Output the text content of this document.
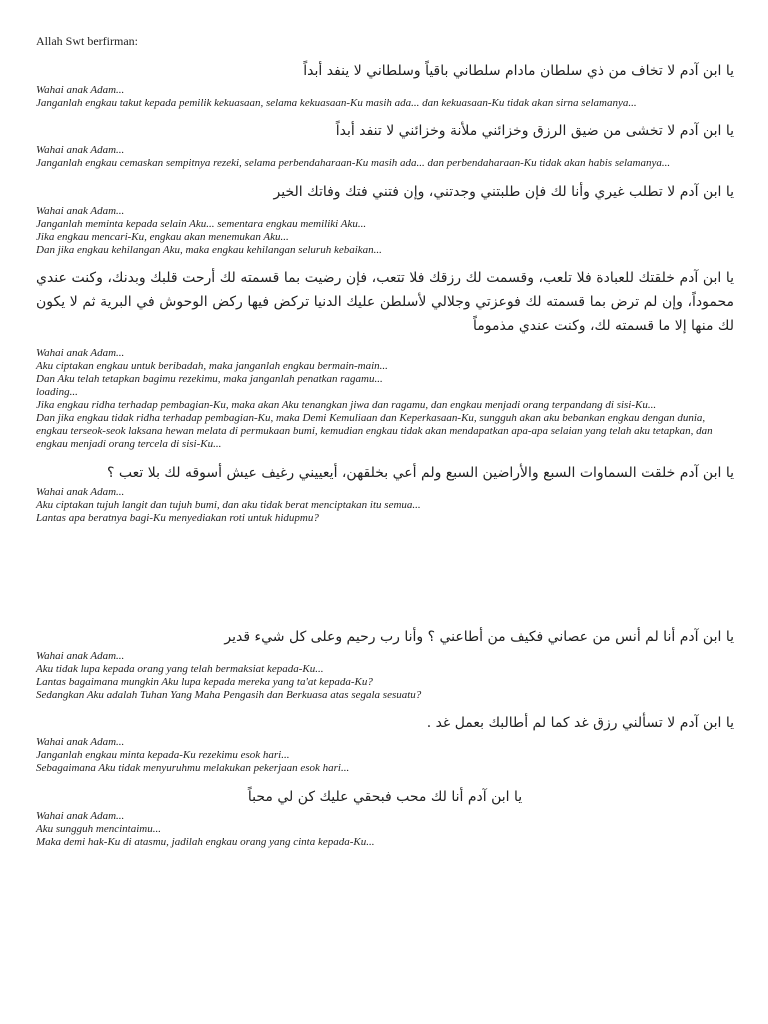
Allah Swt berfirman:

يا ابن آدم لا تخاف من ذي سلطان مادام سلطاني باقياً وسلطاني لا ينفد أبداً

Wahai anak Adam...

Janganlah engkau takut kepada pemilik kekuasaan, selama kekuasaan-Ku masih ada... dan kekuasaan-Ku tidak akan sirna selamanya...

يا ابن آدم لا تخشى من ضيق الرزق وخزائني ملأنة وخزائني لا تنفد أبداً

Wahai anak Adam...

Janganlah engkau cemaskan sempitnya rezeki, selama perbendaharaan-Ku masih ada... dan perbendaharaan-Ku tidak akan habis selamanya...

يا ابن آدم لا تطلب غيري وأنا لك فإن طلبتني وجدتني، وإن فتني فتك وفاتك الخير

Wahai anak Adam...

Janganlah meminta kepada selain Aku... sementara engkau memiliki Aku...

Jika engkau mencari-Ku, engkau akan menemukan Aku...

Dan jika engkau kehilangan Aku, maka engkau kehilangan seluruh kebaikan...

يا ابن آدم خلقتك للعبادة فلا تلعب، وقسمت لك رزقك فلا تتعب، فإن رضيت بما قسمته لك أرحت قلبك وبدنك، وكنت عندي محموداً، وإن لم ترض بما قسمته لك فوعزتي وجلالي لأسلطن عليك الدنيا تركض فيها ركض الوحوش في البرية ثم لا يكون لك منها إلا ما قسمته لك، وكنت عندي مذموماً

Wahai anak Adam...

Aku ciptakan engkau untuk beribadah, maka janganlah engkau bermain-main...

Dan Aku telah tetapkan bagimu rezekimu, maka janganlah penatkan ragamu...

loading...

Jika engkau ridha terhadap pembagian-Ku, maka akan Aku tenangkan jiwa dan ragamu, dan engkau menjadi orang terpandang di sisi-Ku...

Dan jika engkau tidak ridha terhadap pembagian-Ku, maka Demi Kemuliaan dan Keperkasaan-Ku, sungguh akan aku bebankan engkau dengan dunia, engkau terseok-seok laksana hewan melata di permukaan bumi, kemudian engkau tidak akan mendapatkan apa-apa selaian yang telah aku tetapkan, dan engkau menjadi orang tercela di sisi-Ku...

يا ابن آدم خلقت السماوات السبع والأراضين السبع ولم أعي بخلقهن، أيعييني رغيف عيش أسوقه لك بلا تعب ؟

Wahai anak Adam...

Aku ciptakan tujuh langit dan tujuh bumi, dan aku tidak berat menciptakan itu semua...

Lantas apa beratnya bagi-Ku menyediakan roti untuk hidupmu?

يا ابن آدم أنا لم أنس من عصاني فكيف من أطاعني ؟ وأنا رب رحيم وعلى كل شيء قدير

Wahai anak Adam...

Aku tidak lupa kepada orang yang telah bermaksiat kepada-Ku...

Lantas bagaimana mungkin Aku lupa kepada mereka yang ta'at kepada-Ku?

Sedangkan Aku adalah Tuhan Yang Maha Pengasih dan Berkuasa atas segala sesuatu?

يا ابن آدم لا تسألني رزق غد كما لم أطالبك بعمل غد .

Wahai anak Adam...

Janganlah engkau minta kepada-Ku rezekimu esok hari...

Sebagaimana Aku tidak menyuruhmu melakukan pekerjaan esok hari...

يا ابن آدم أنا لك محب فبحقي عليك كن لي محباً

Wahai anak Adam...

Aku sungguh mencintaimu...

Maka demi hak-Ku di atasmu, jadilah engkau orang yang cinta kepada-Ku...
